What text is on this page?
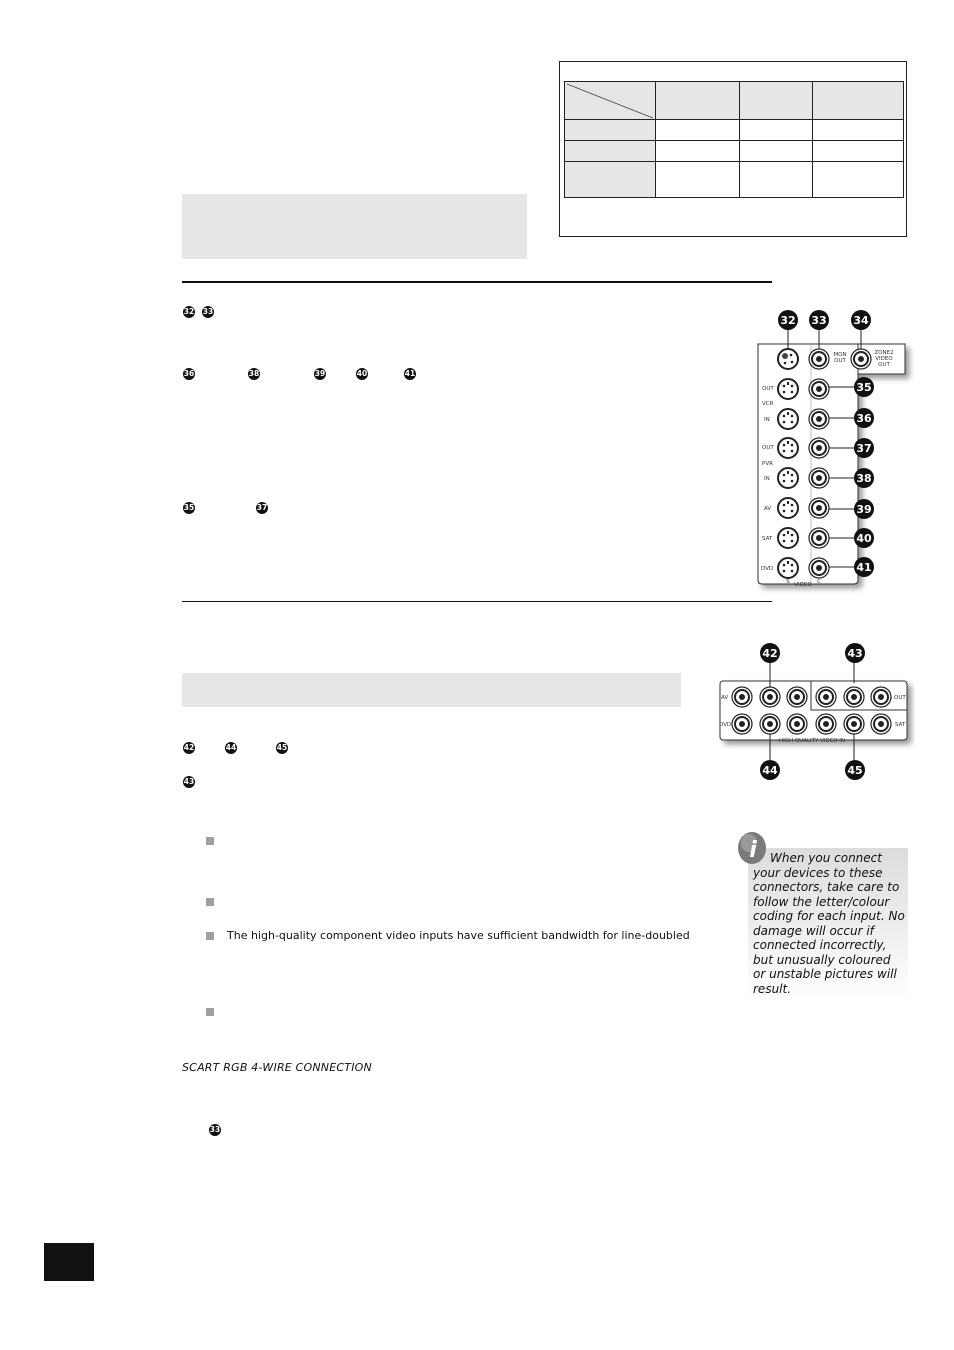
32 33
36	38	39	40	41
35	37
32 33 34
35
36
37
38
39
40
41
MON
OUT
ZONE2
VIDEO
OUT
OUT
VCR
IN
OUT
PVR
IN
AV
SAT
DVD
VIDEO
S	C
42	43
44	45
AV
DVD
OUT
SAT
HIGH QUALITY VIDEO IN
42	44	45
43
The high-quality component video inputs have sufficient bandwidth for line-doubled
i	When you connect your devices to these connectors, take care to follow the letter/colour coding for each input. No damage will occur if connected incorrectly, but unusually coloured or unstable pictures will result.
SCART RGB 4-WIRE CONNECTION
33
